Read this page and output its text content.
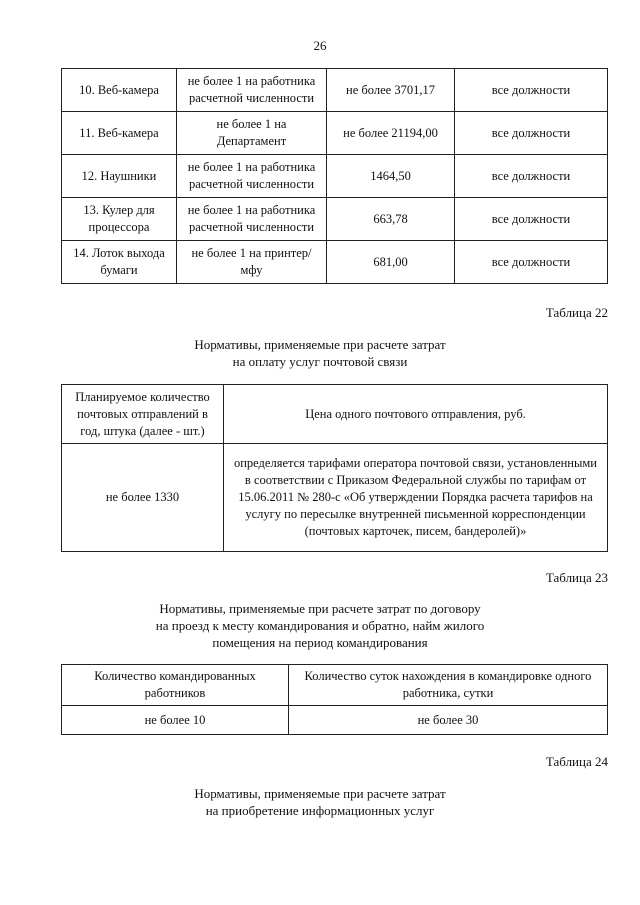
26
10. Веб-камера	не более 1 на работника расчетной численности	не более 3701,17	все должности
11. Веб-камера	не более 1 на Департамент	не более 21194,00	все должности
12. Наушники	не более 1 на работника расчетной численности	1464,50	все должности
13. Кулер для процессора	не более 1 на работника расчетной численности	663,78	все должности
14. Лоток выхода бумаги	не более 1 на принтер/мфу	681,00	все должности
Таблица 22
Нормативы, применяемые при расчете затрат
на оплату услуг почтовой связи
Планируемое количество почтовых отправлений в год, штука (далее - шт.)	Цена одного почтового отправления, руб.
не более 1330	определяется тарифами оператора почтовой связи, установленными в соответствии с Приказом Федеральной службы по тарифам от 15.06.2011 № 280-с «Об утверждении Порядка расчета тарифов на услугу по пересылке внутренней письменной корреспонденции (почтовых карточек, писем, бандеролей)»
Таблица 23
Нормативы, применяемые при расчете затрат по договору
на проезд к месту командирования и обратно, найм жилого
помещения на период командирования
Количество командированных работников	Количество суток нахождения в командировке одного работника, сутки
не более 10	не более 30
Таблица 24
Нормативы, применяемые при расчете затрат
на приобретение информационных услуг
